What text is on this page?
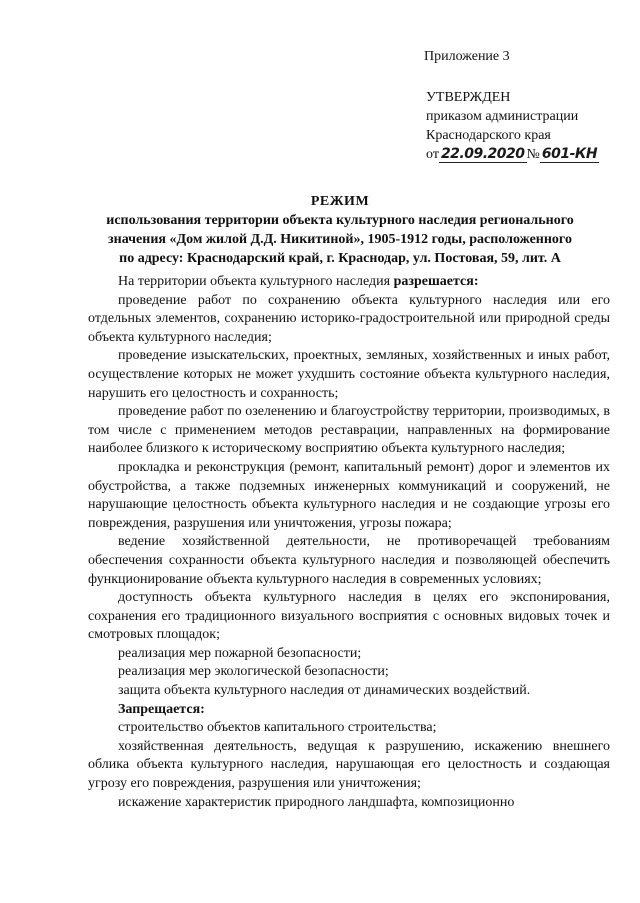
Приложение 3
УТВЕРЖДЕН
приказом администрации
Краснодарского края
от 22.09.2020 № 601-КН
РЕЖИМ
использования территории объекта культурного наследия регионального
значения «Дом жилой Д.Д. Никитиной», 1905-1912 годы, расположенного
по адресу: Краснодарский край, г. Краснодар, ул. Постовая, 59, лит. А

На территории объекта культурного наследия разрешается:

проведение работ по сохранению объекта культурного наследия или его отдельных элементов, сохранению историко-градостроительной или природной среды объекта культурного наследия;

проведение изыскательских, проектных, земляных, хозяйственных и иных работ, осуществление которых не может ухудшить состояние объекта культурного наследия, нарушить его целостность и сохранность;

проведение работ по озеленению и благоустройству территории, производимых, в том числе с применением методов реставрации, направленных на формирование наиболее близкого к историческому восприятию объекта культурного наследия;

прокладка и реконструкция (ремонт, капитальный ремонт) дорог и элементов их обустройства, а также подземных инженерных коммуникаций и сооружений, не нарушающие целостность объекта культурного наследия и не создающие угрозы его повреждения, разрушения или уничтожения, угрозы пожара;

ведение хозяйственной деятельности, не противоречащей требованиям обеспечения сохранности объекта культурного наследия и позволяющей обеспечить функционирование объекта культурного наследия в современных условиях;

доступность объекта культурного наследия в целях его экспонирования, сохранения его традиционного визуального восприятия с основных видовых точек и смотровых площадок;

реализация мер пожарной безопасности;

реализация мер экологической безопасности;

защита объекта культурного наследия от динамических воздействий.

Запрещается:

строительство объектов капитального строительства;

хозяйственная деятельность, ведущая к разрушению, искажению внешнего облика объекта культурного наследия, нарушающая его целостность и создающая угрозу его повреждения, разрушения или уничтожения;

искажение характеристик природного ландшафта, композиционно
